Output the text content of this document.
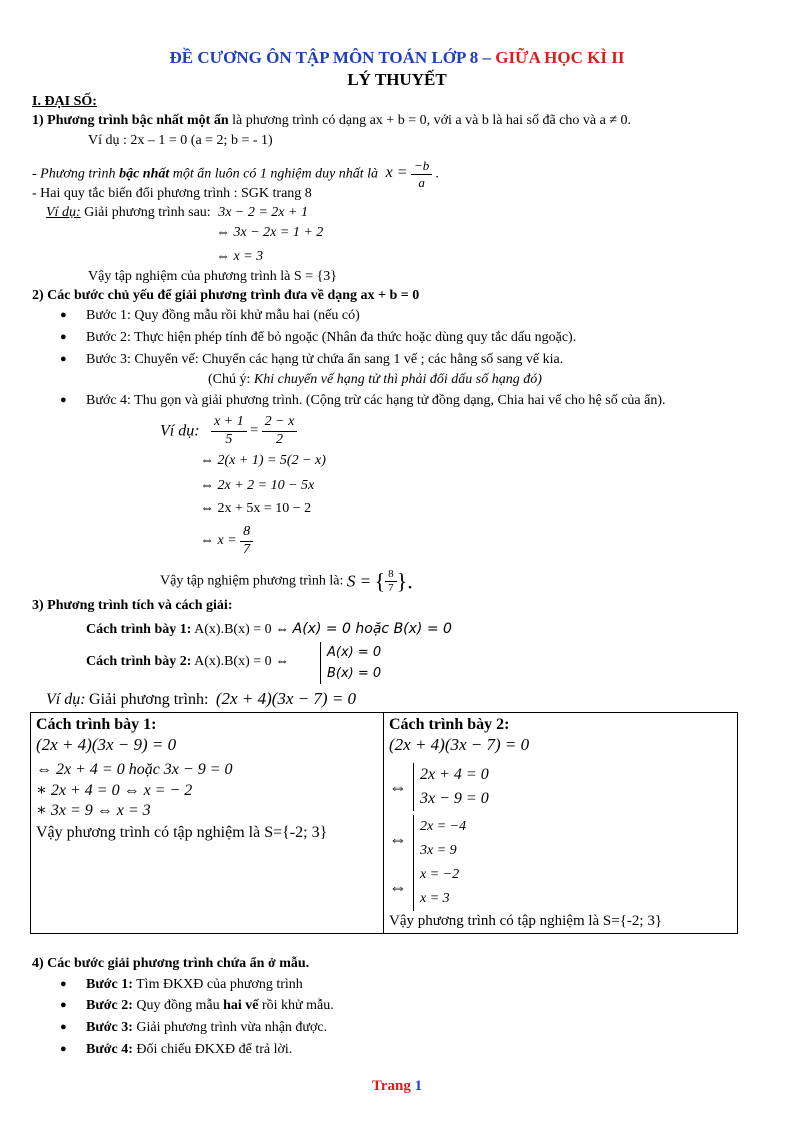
ĐỀ CƯƠNG ÔN TẬP MÔN TOÁN LỚP 8 – GIỮA HỌC KÌ II
LÝ THUYẾT
I. ĐẠI SỐ:
1) Phương trình bậc nhất một ẩn là phương trình có dạng ax + b = 0, với a và b là hai số đã cho và a ≠ 0.
Ví dụ : 2x – 1 = 0 (a = 2; b = - 1)
- Phương trình bậc nhất một ẩn luôn có 1 nghiệm duy nhất là $x = \frac{-b}{a}$ .
- Hai quy tắc biến đổi phương trình : SGK trang 8
Ví dụ: Giải phương trình sau: 3x − 2 = 2x + 1
⇔ 3x − 2x = 1 + 2
⇔ x = 3
Vậy tập nghiệm của phương trình là S = {3}
2) Các bước chủ yếu để giải phương trình đưa về dạng ax + b = 0
● Bước 1: Quy đồng mẫu rồi khử mẫu hai (nếu có)
● Bước 2: Thực hiện phép tính để bỏ ngoặc (Nhân đa thức hoặc dùng quy tắc dấu ngoặc).
● Bước 3: Chuyển vế: Chuyển các hạng tử chứa ẩn sang 1 vế ; các hằng số sang vế kia.
(Chú ý: Khi chuyển vế hạng tử thì phải đổi dấu số hạng đó)
● Bước 4: Thu gọn và giải phương trình. (Cộng trừ các hạng tử đồng dạng, Chia hai vế cho hệ số của ẩn).
Ví dụ: $\frac{x + 1}{5} = \frac{2 - x}{2}$
⇔ 2(x + 1) = 5(2 − x)
⇔ 2x + 2 = 10 − 5x
⇔ 2x + 5x = 10 − 2
⇔ $x = \frac{8}{7}$
Vậy tập nghiệm phương trình là: S = { $\frac{8}{7}$ }.
3) Phương trình tích và cách giải:
Cách trình bày 1: A(x).B(x) = 0 ⇔ A(x) = 0 hoặc B(x) = 0
Cách trình bày 2: A(x).B(x) = 0 ⇔
A(x) = 0
B(x) = 0
Ví dụ: Giải phương trình: (2x + 4)(3x − 7) = 0
Cách trình bày 1:
(2x + 4)(3x − 9) = 0
⇔ 2x + 4 = 0 hoặc 3x − 9 = 0
∗ 2x + 4 = 0 ⇔ x = − 2
∗ 3x = 9 ⇔ x = 3
Vậy phương trình có tập nghiệm là S={-2; 3}
Cách trình bày 2:
(2x + 4)(3x − 7) = 0
⇔
2x + 4 = 0
3x − 9 = 0
⇔
2x = −4
3x = 9
⇔
x = −2
x = 3
Vậy phương trình có tập nghiệm là S={-2; 3}
4) Các bước giải phương trình chứa ẩn ở mẫu.
● Bước 1: Tìm ĐKXĐ của phương trình
● Bước 2: Quy đồng mẫu hai vế rồi khử mẫu.
● Bước 3: Giải phương trình vừa nhận được.
● Bước 4: Đối chiếu ĐKXĐ để trả lời.
Trang 1
